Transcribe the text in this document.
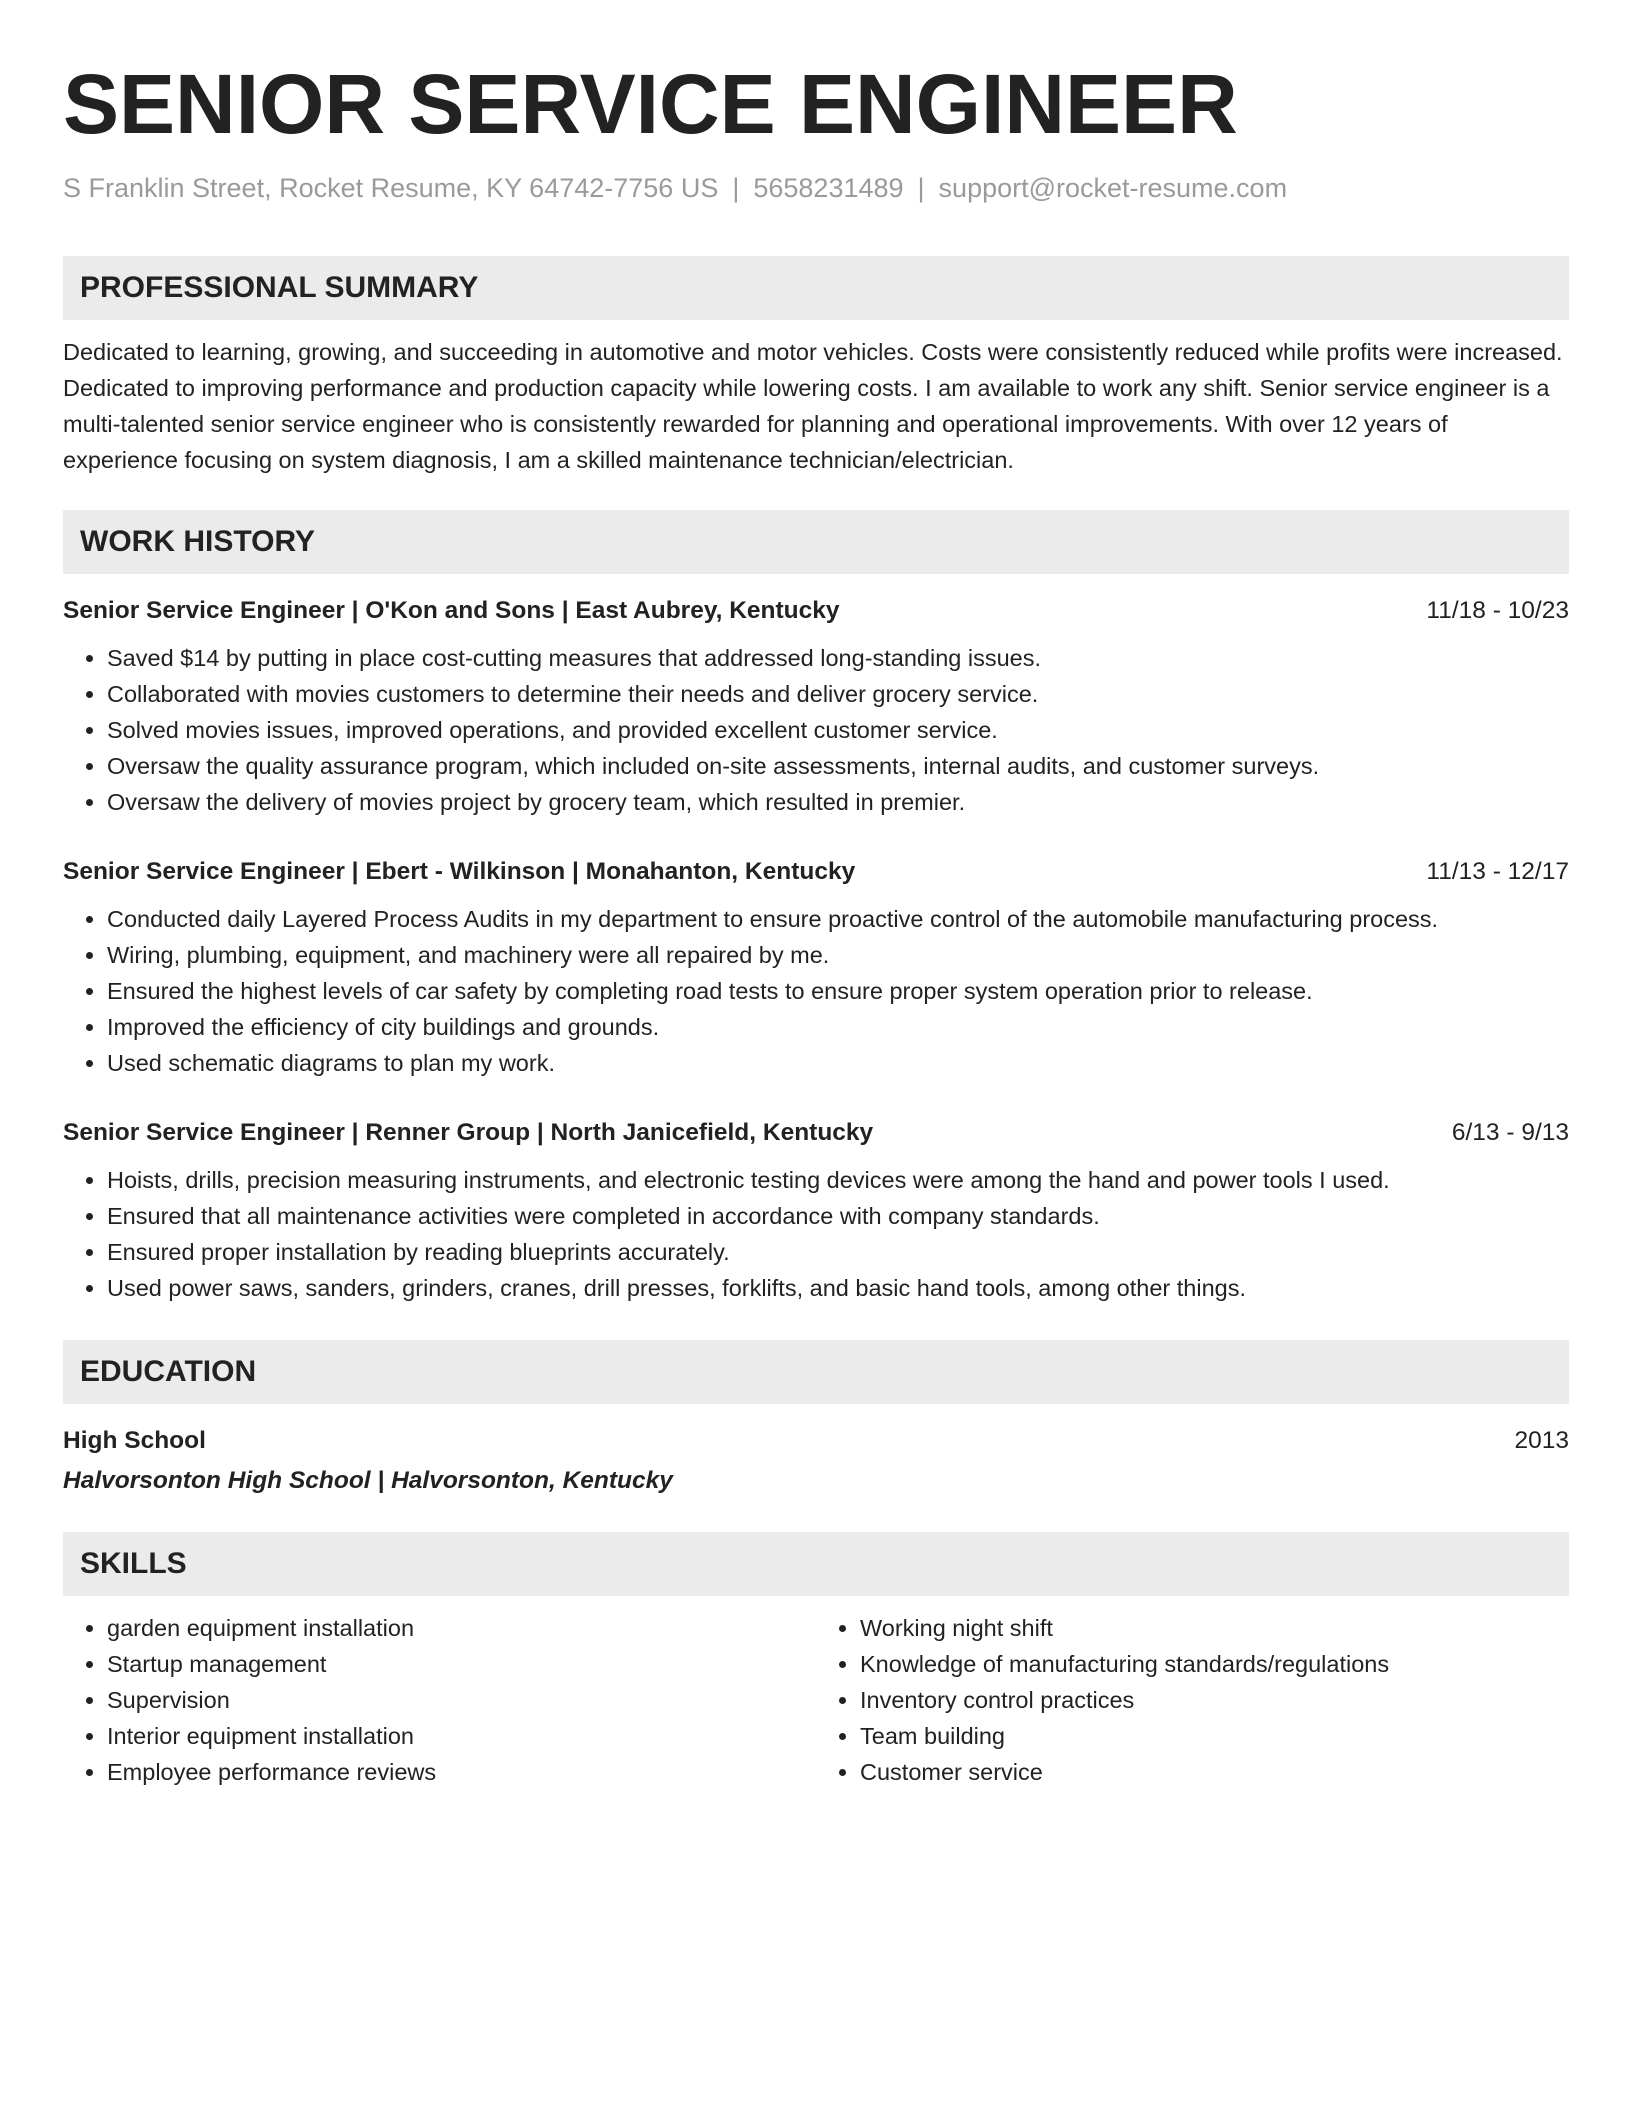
SENIOR SERVICE ENGINEER
S Franklin Street, Rocket Resume, KY 64742-7756 US | 5658231489 | support@rocket-resume.com
PROFESSIONAL SUMMARY

Dedicated to learning, growing, and succeeding in automotive and motor vehicles. Costs were consistently reduced while profits were increased. Dedicated to improving performance and production capacity while lowering costs. I am available to work any shift. Senior service engineer is a multi-talented senior service engineer who is consistently rewarded for planning and operational improvements. With over 12 years of experience focusing on system diagnosis, I am a skilled maintenance technician/electrician.

WORK HISTORY
Senior Service Engineer | O'Kon and Sons | East Aubrey, Kentucky	11/18 - 10/23
• Saved $14 by putting in place cost-cutting measures that addressed long-standing issues.
• Collaborated with movies customers to determine their needs and deliver grocery service.
• Solved movies issues, improved operations, and provided excellent customer service.
• Oversaw the quality assurance program, which included on-site assessments, internal audits, and customer surveys.
• Oversaw the delivery of movies project by grocery team, which resulted in premier.
Senior Service Engineer | Ebert - Wilkinson | Monahanton, Kentucky	11/13 - 12/17
• Conducted daily Layered Process Audits in my department to ensure proactive control of the automobile manufacturing process.
• Wiring, plumbing, equipment, and machinery were all repaired by me.
• Ensured the highest levels of car safety by completing road tests to ensure proper system operation prior to release.
• Improved the efficiency of city buildings and grounds.
• Used schematic diagrams to plan my work.
Senior Service Engineer | Renner Group | North Janicefield, Kentucky	6/13 - 9/13
• Hoists, drills, precision measuring instruments, and electronic testing devices were among the hand and power tools I used.
• Ensured that all maintenance activities were completed in accordance with company standards.
• Ensured proper installation by reading blueprints accurately.
• Used power saws, sanders, grinders, cranes, drill presses, forklifts, and basic hand tools, among other things.
EDUCATION
High School	2013
Halvorsonton High School | Halvorsonton, Kentucky
SKILLS
• garden equipment installation
• Startup management
• Supervision
• Interior equipment installation
• Employee performance reviews
• Working night shift
• Knowledge of manufacturing standards/regulations
• Inventory control practices
• Team building
• Customer service
